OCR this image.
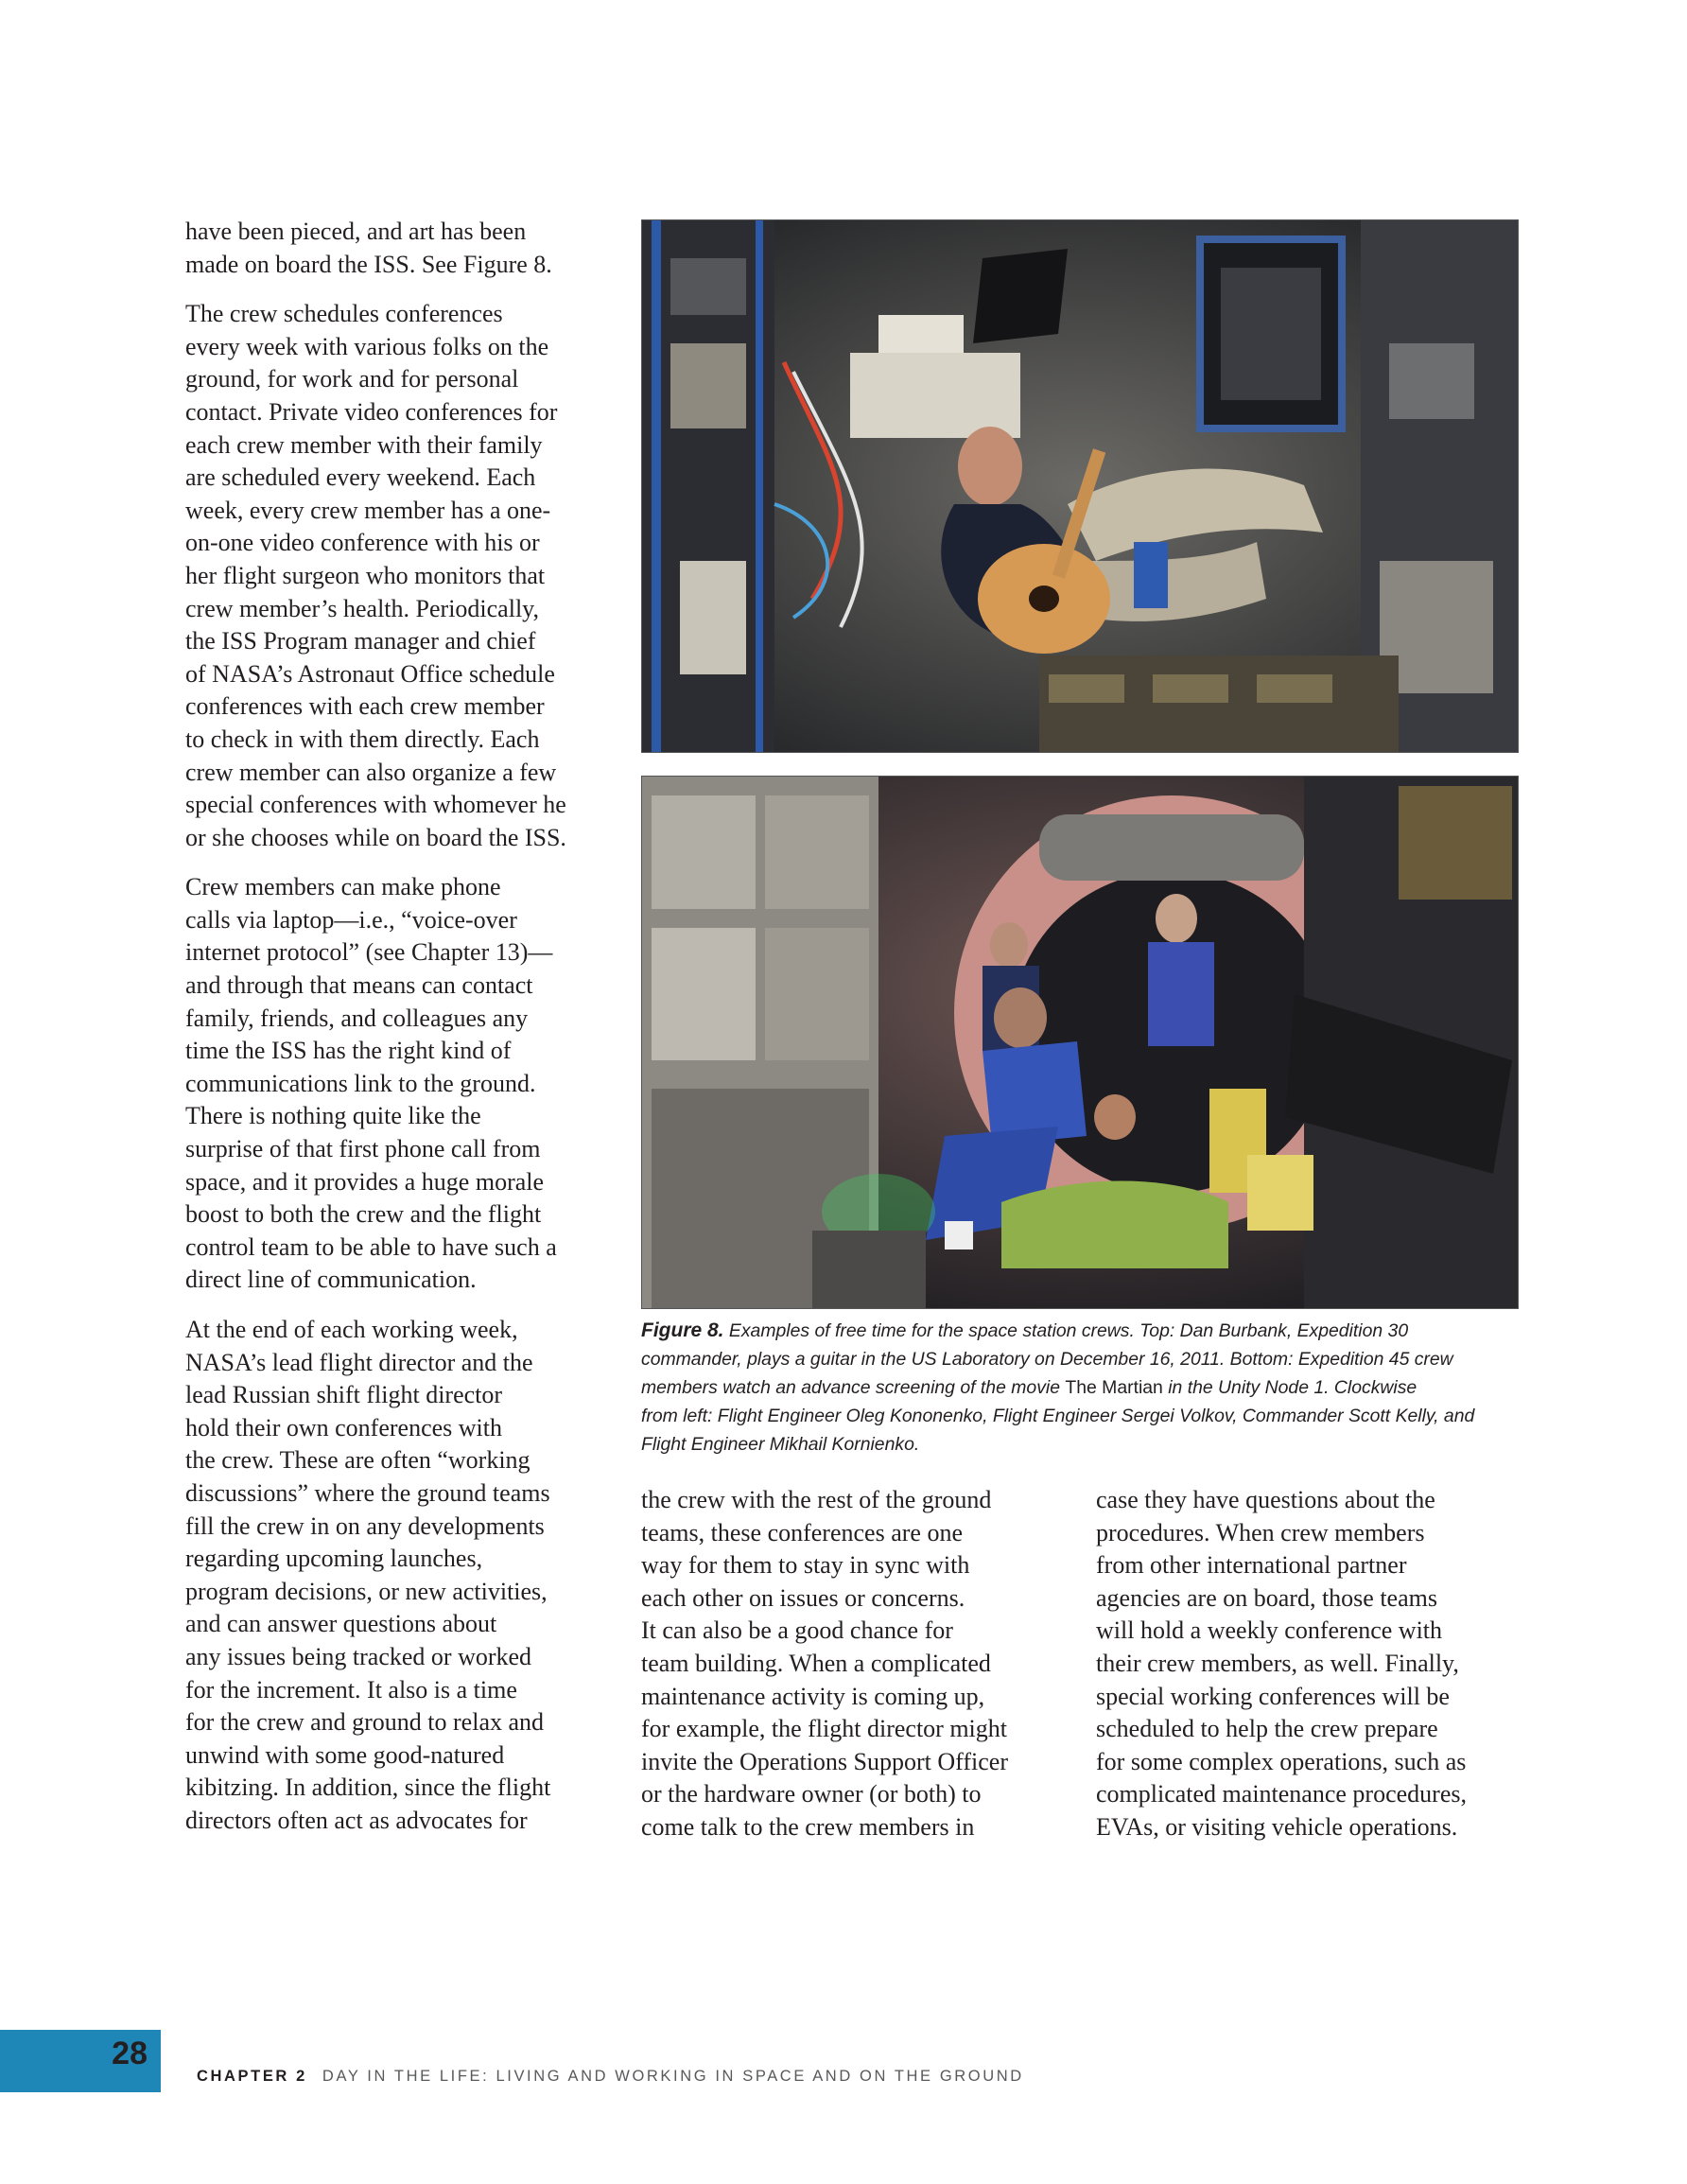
have been pieced, and art has been
made on board the ISS. See Figure 8.

The crew schedules conferences
every week with various folks on the
ground, for work and for personal
contact. Private video conferences for
each crew member with their family
are scheduled every weekend. Each
week, every crew member has a one-
on-one video conference with his or
her flight surgeon who monitors that
crew member’s health. Periodically,
the ISS Program manager and chief
of NASA’s Astronaut Office schedule
conferences with each crew member
to check in with them directly. Each
crew member can also organize a few
special conferences with whomever he
or she chooses while on board the ISS.

Crew members can make phone
calls via laptop—i.e., “voice-over
internet protocol” (see Chapter 13)—
and through that means can contact
family, friends, and colleagues any
time the ISS has the right kind of
communications link to the ground.
There is nothing quite like the
surprise of that first phone call from
space, and it provides a huge morale
boost to both the crew and the flight
control team to be able to have such a
direct line of communication.

At the end of each working week,
NASA’s lead flight director and the
lead Russian shift flight director
hold their own conferences with
the crew. These are often “working
discussions” where the ground teams
fill the crew in on any developments
regarding upcoming launches,
program decisions, or new activities,
and can answer questions about
any issues being tracked or worked
for the increment. It also is a time
for the crew and ground to relax and
unwind with some good-natured
kibitzing. In addition, since the flight
directors often act as advocates for

Figure 8. Examples of free time for the space station crews. Top: Dan Burbank, Expedition 30
commander, plays a guitar in the US Laboratory on December 16, 2011. Bottom: Expedition 45 crew
members watch an advance screening of the movie The Martian in the Unity Node 1. Clockwise
from left: Flight Engineer Oleg Kononenko, Flight Engineer Sergei Volkov, Commander Scott Kelly, and
Flight Engineer Mikhail Kornienko.

the crew with the rest of the ground
teams, these conferences are one
way for them to stay in sync with
each other on issues or concerns.
It can also be a good chance for
team building. When a complicated
maintenance activity is coming up,
for example, the flight director might
invite the Operations Support Officer
or the hardware owner (or both) to
come talk to the crew members in

case they have questions about the
procedures. When crew members
from other international partner
agencies are on board, those teams
will hold a weekly conference with
their crew members, as well. Finally,
special working conferences will be
scheduled to help the crew prepare
for some complex operations, such as
complicated maintenance procedures,
EVAs, or visiting vehicle operations.

28
CHAPTER 2 DAY IN THE LIFE: LIVING AND WORKING IN SPACE AND ON THE GROUND
